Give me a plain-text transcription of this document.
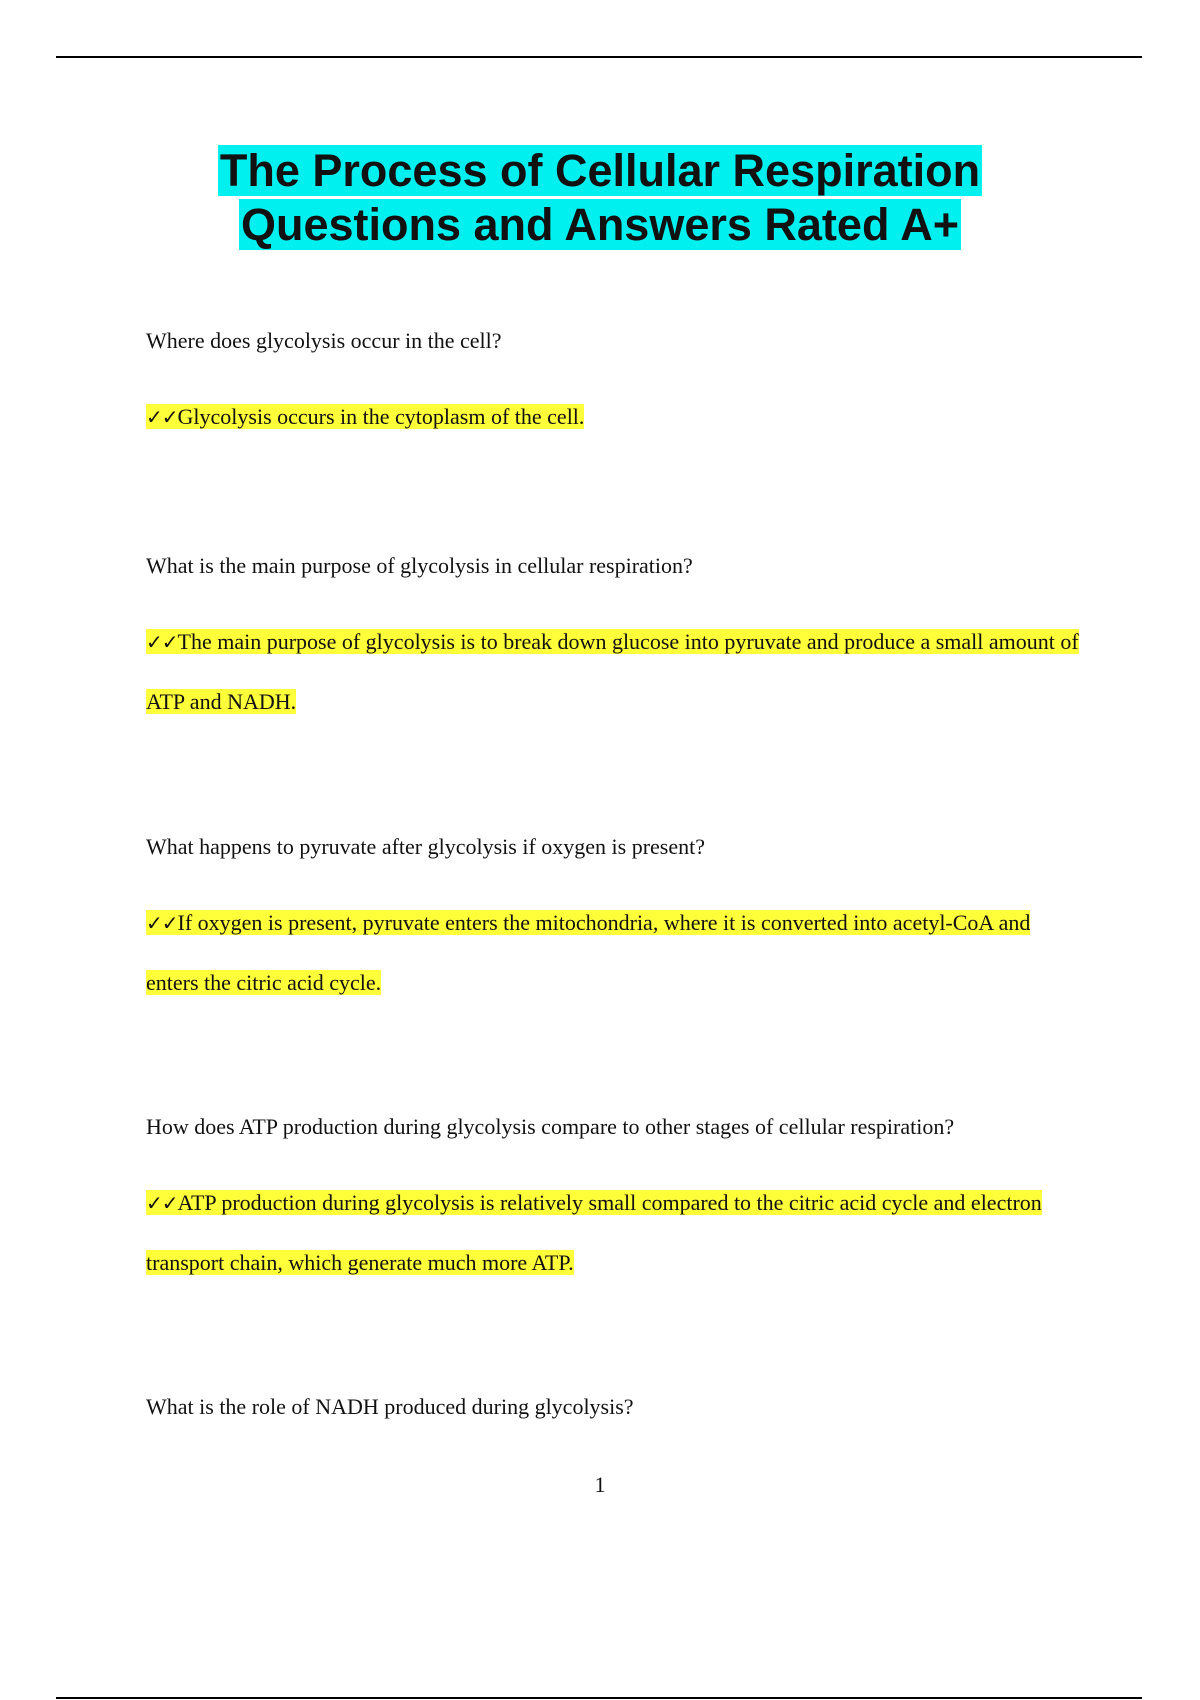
The Process of Cellular Respiration
Questions and Answers Rated A+

Where does glycolysis occur in the cell?

✓✓Glycolysis occurs in the cytoplasm of the cell.

What is the main purpose of glycolysis in cellular respiration?

✓✓The main purpose of glycolysis is to break down glucose into pyruvate and produce a small amount of ATP and NADH.

What happens to pyruvate after glycolysis if oxygen is present?

✓✓If oxygen is present, pyruvate enters the mitochondria, where it is converted into acetyl-CoA and enters the citric acid cycle.

How does ATP production during glycolysis compare to other stages of cellular respiration?

✓✓ATP production during glycolysis is relatively small compared to the citric acid cycle and electron transport chain, which generate much more ATP.

What is the role of NADH produced during glycolysis?

1
